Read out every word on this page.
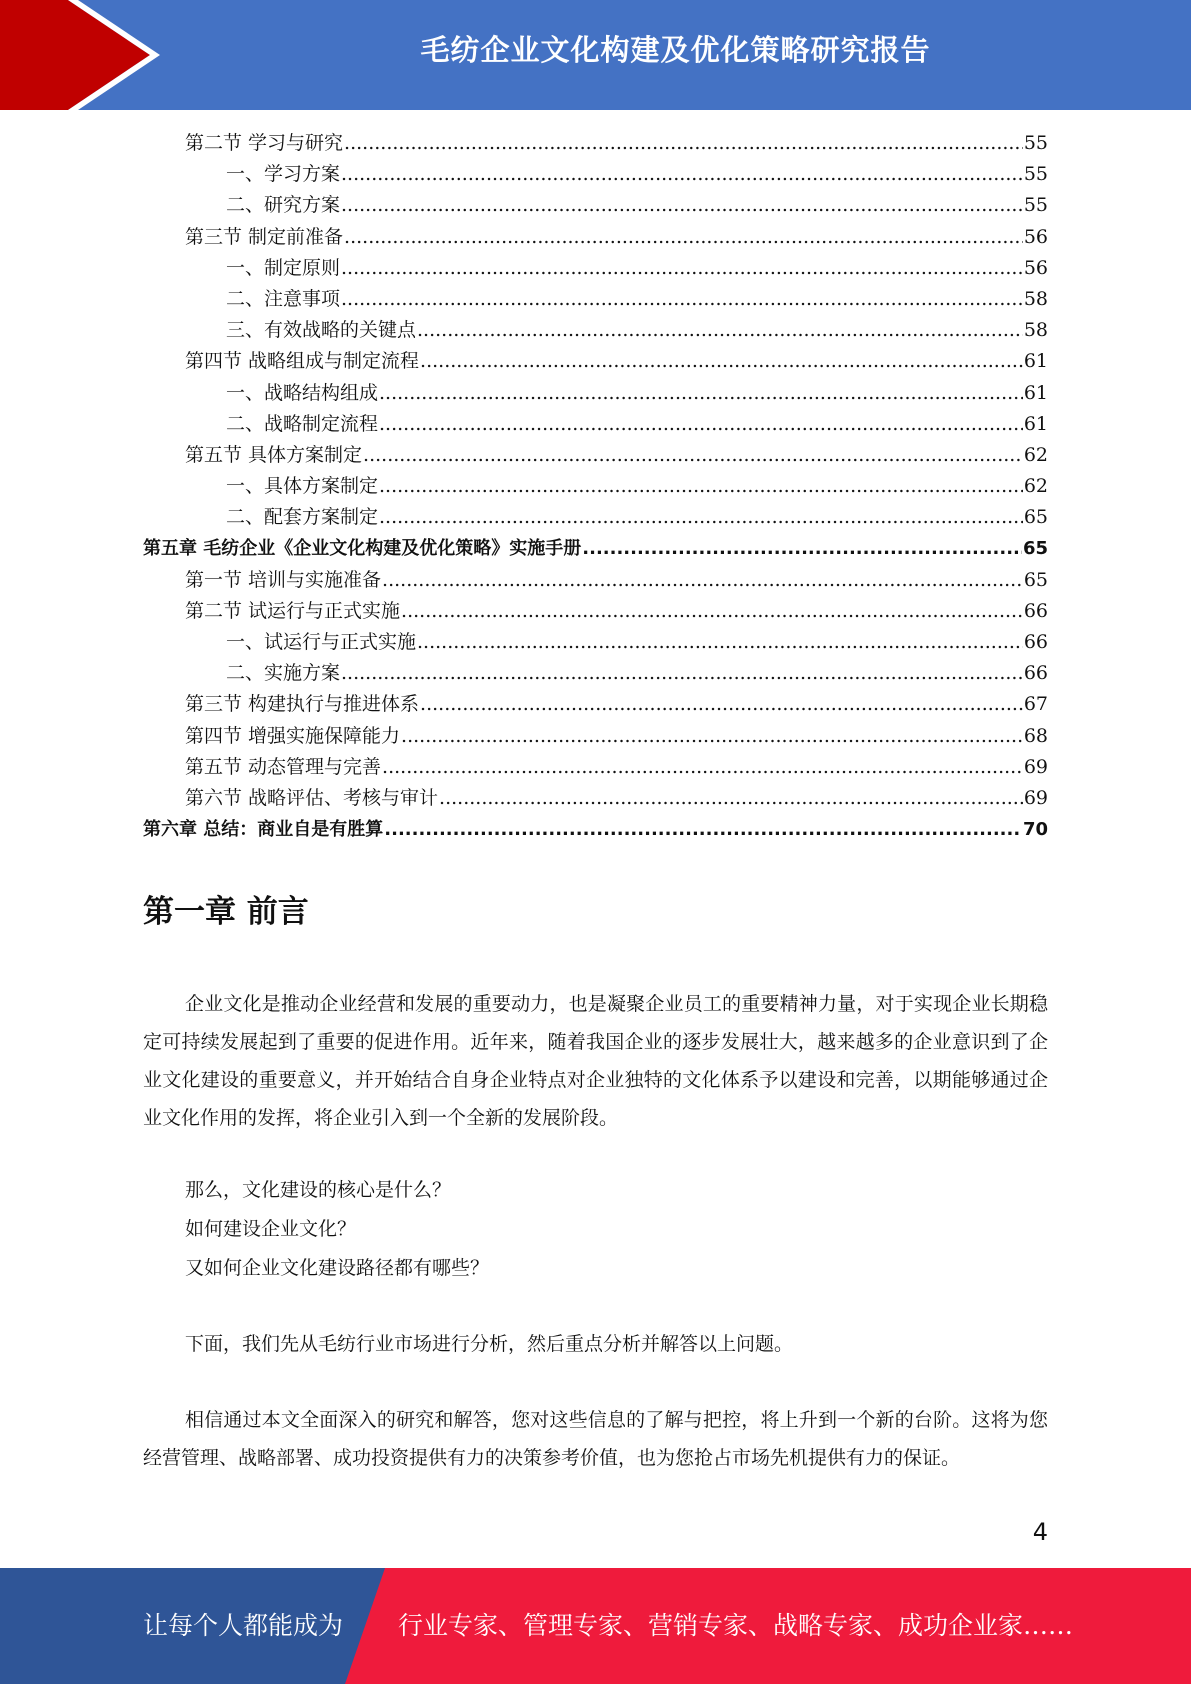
毛纺企业文化构建及优化策略研究报告
第二节 学习与研究 .....	55
一、学习方案 .....	55
二、研究方案 .....	55
第三节 制定前准备 .....	56
一、制定原则 .....	56
二、注意事项 .....	58
三、有效战略的关键点 .....	58
第四节 战略组成与制定流程 .....	61
一、战略结构组成 .....	61
二、战略制定流程 .....	61
第五节 具体方案制定 .....	62
一、具体方案制定 .....	62
二、配套方案制定 .....	65
第五章 毛纺企业《企业文化构建及优化策略》实施手册 .....	65
第一节 培训与实施准备 .....	65
第二节 试运行与正式实施 .....	66
一、试运行与正式实施 .....	66
二、实施方案 .....	66
第三节 构建执行与推进体系 .....	67
第四节 增强实施保障能力 .....	68
第五节 动态管理与完善 .....	69
第六节 战略评估、考核与审计 .....	69
第六章 总结：商业自是有胜算 .....	70
第一章 前言

企业文化是推动企业经营和发展的重要动力，也是凝聚企业员工的重要精神力量，对于实现企业长期稳定可持续发展起到了重要的促进作用。近年来，随着我国企业的逐步发展壮大，越来越多的企业意识到了企业文化建设的重要意义，并开始结合自身企业特点对企业独特的文化体系予以建设和完善，以期能够通过企业文化作用的发挥，将企业引入到一个全新的发展阶段。

那么，文化建设的核心是什么？

如何建设企业文化？

又如何企业文化建设路径都有哪些？

下面，我们先从毛纺行业市场进行分析，然后重点分析并解答以上问题。

相信通过本文全面深入的研究和解答，您对这些信息的了解与把控，将上升到一个新的台阶。这将为您经营管理、战略部署、成功投资提供有力的决策参考价值，也为您抢占市场先机提供有力的保证。

4
让每个人都能成为 行业专家、管理专家、营销专家、战略专家、成功企业家……
